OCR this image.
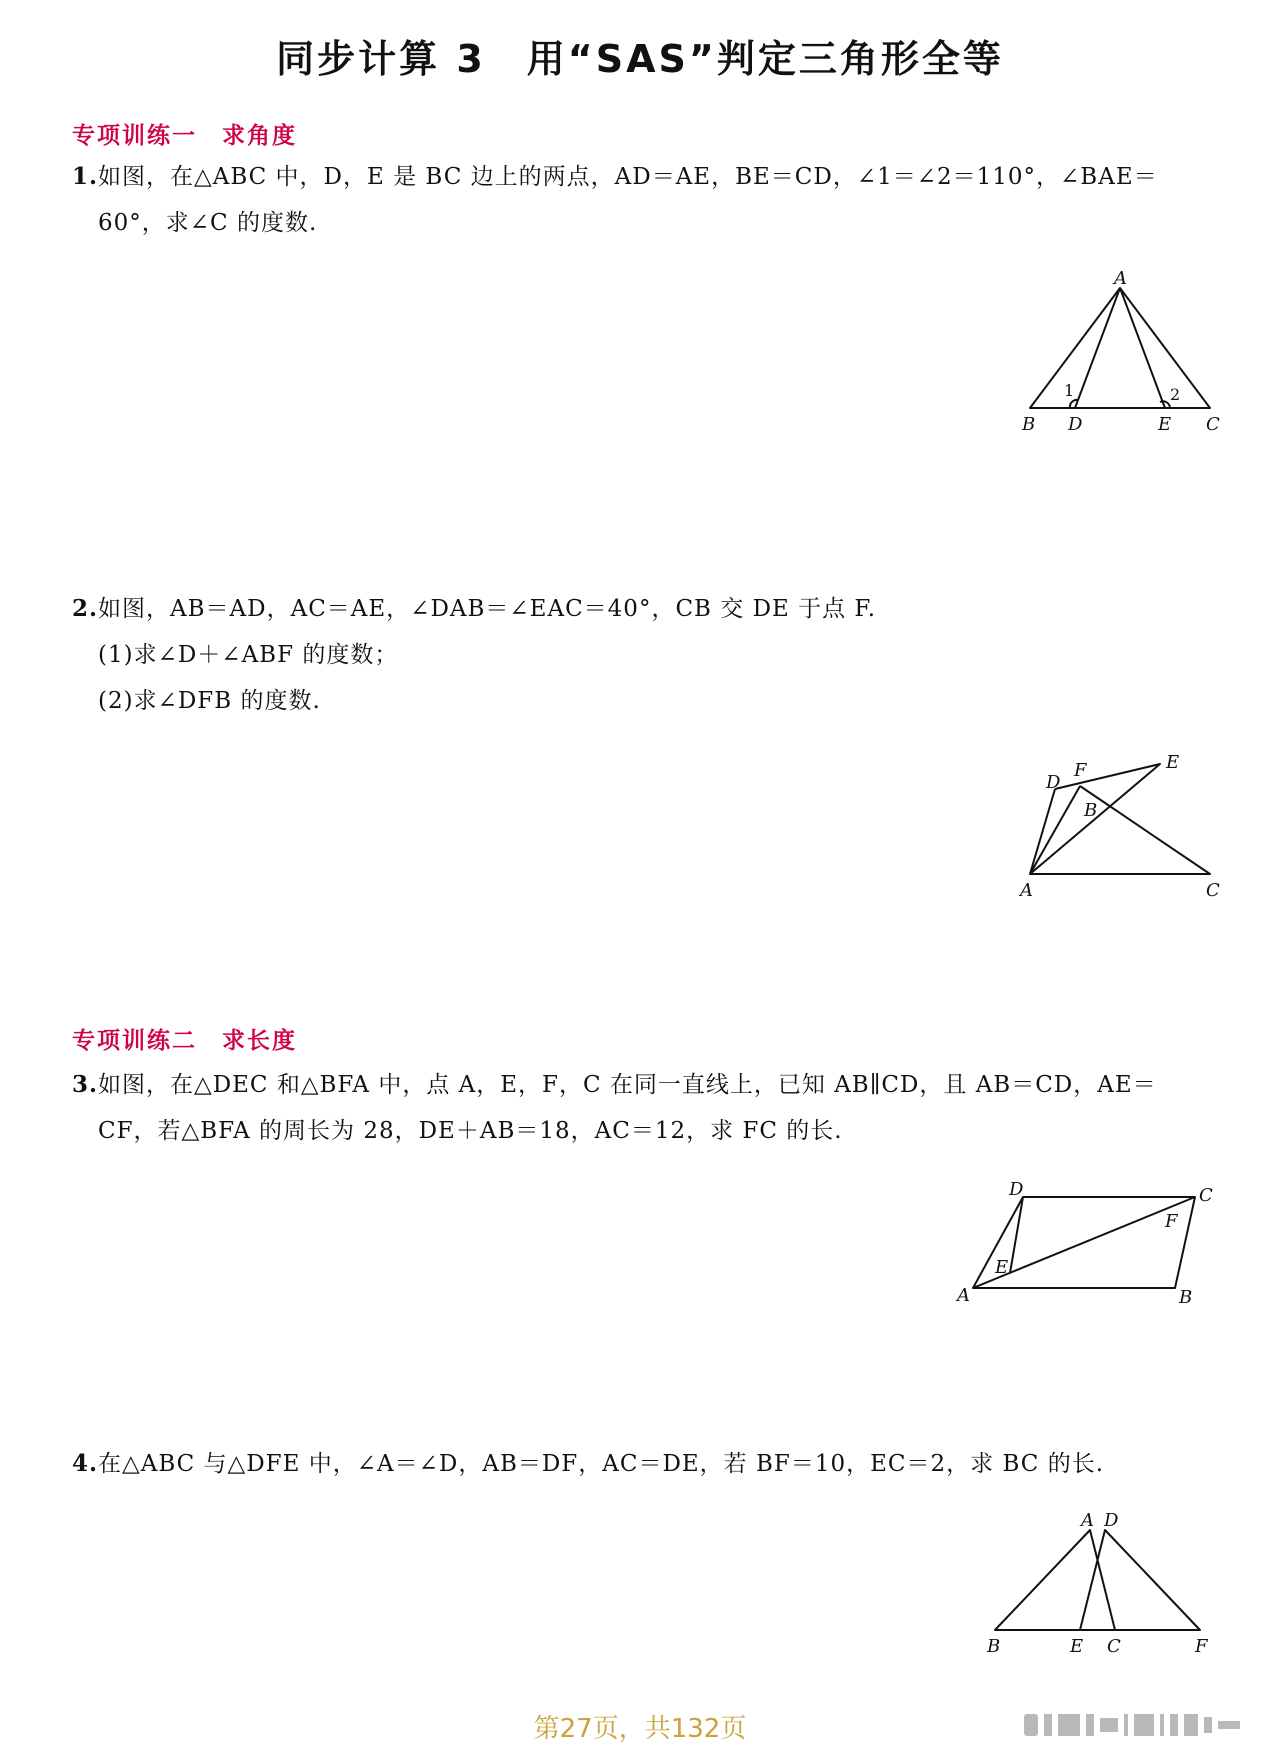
同步计算 3　用“SAS”判定三角形全等
专项训练一　求角度
1.如图，在△ABC 中，D，E 是 BC 边上的两点，AD＝AE，BE＝CD，∠1＝∠2＝110°，∠BAE＝
60°，求∠C 的度数.
A
B D	E C
1	2
2.如图，AB＝AD，AC＝AE，∠DAB＝∠EAC＝40°，CB 交 DE 于点 F.
(1)求∠D＋∠ABF 的度数；
(2)求∠DFB 的度数.
D
F	E
B
A	C
专项训练二　求长度
3.如图，在△DEC 和△BFA 中，点 A，E，F，C 在同一直线上，已知 AB∥CD，且 AB＝CD，AE＝
CF，若△BFA 的周长为 28，DE＋AB＝18，AC＝12，求 FC 的长.
D	C
F
E
A	B
4.在△ABC 与△DFE 中，∠A＝∠D，AB＝DF，AC＝DE，若 BF＝10，EC＝2，求 BC 的长.
A D
B	E C	F
第27页，共132页
